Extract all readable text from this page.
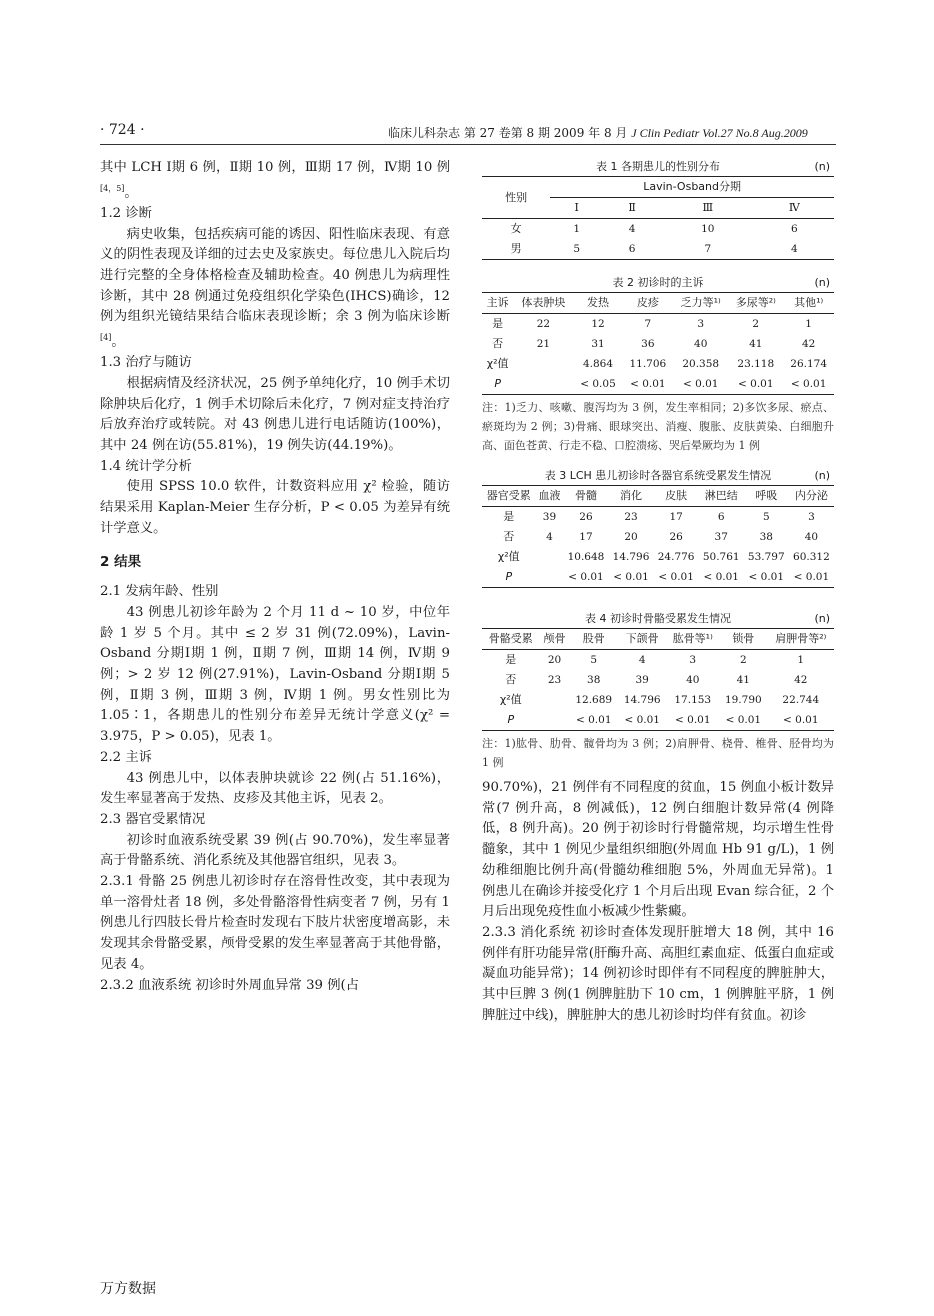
· 724 ·	临床儿科杂志 第 27 卷第 8 期 2009 年 8 月 J Clin Pediatr Vol.27 No.8 Aug.2009

其中 LCH Ⅰ期 6 例，Ⅱ期 10 例，Ⅲ期 17 例，Ⅳ期 10 例[4，5]。

1.2 诊断

病史收集，包括疾病可能的诱因、阳性临床表现、有意义的阴性表现及详细的过去史及家族史。每位患儿入院后均进行完整的全身体格检查及辅助检查。40 例患儿为病理性诊断，其中 28 例通过免疫组织化学染色(IHCS)确诊，12 例为组织光镜结果结合临床表现诊断；余 3 例为临床诊断[4]。

1.3 治疗与随访

根据病情及经济状况，25 例予单纯化疗，10 例手术切除肿块后化疗，1 例手术切除后未化疗，7 例对症支持治疗后放弃治疗或转院。对 43 例患儿进行电话随访(100%)，其中 24 例在访(55.81%)，19 例失访(44.19%)。

1.4 统计学分析

使用 SPSS 10.0 软件，计数资料应用 χ² 检验，随访结果采用 Kaplan-Meier 生存分析，P < 0.05 为差异有统计学意义。

2 结果

2.1 发病年龄、性别

43 例患儿初诊年龄为 2 个月 11 d ~ 10 岁，中位年龄 1 岁 5 个月。其中 ≤ 2 岁 31 例(72.09%)，Lavin-Osband 分期Ⅰ期 1 例，Ⅱ期 7 例，Ⅲ期 14 例，Ⅳ期 9 例；> 2 岁 12 例(27.91%)，Lavin-Osband 分期Ⅰ期 5 例，Ⅱ期 3 例，Ⅲ期 3 例，Ⅳ期 1 例。男女性别比为 1.05∶1，各期患儿的性别分布差异无统计学意义(χ² = 3.975，P > 0.05)，见表 1。

2.2 主诉

43 例患儿中，以体表肿块就诊 22 例(占 51.16%)，发生率显著高于发热、皮疹及其他主诉，见表 2。

2.3 器官受累情况

初诊时血液系统受累 39 例(占 90.70%)，发生率显著高于骨骼系统、消化系统及其他器官组织，见表 3。

2.3.1 骨骼 25 例患儿初诊时存在溶骨性改变，其中表现为单一溶骨灶者 18 例，多处骨骼溶骨性病变者 7 例，另有 1 例患儿行四肢长骨片检查时发现右下肢片状密度增高影，未发现其余骨骼受累，颅骨受累的发生率显著高于其他骨骼，见表 4。

2.3.2 血液系统 初诊时外周血异常 39 例(占

表 1 各期患儿的性别分布	(n)
性别	Lavin-Osband分期			
	Ⅰ	Ⅱ	Ⅲ	Ⅳ
女	1	4	10	6
男	5	6	7	4
表 2 初诊时的主诉	(n)
主诉	体表肿块	发热	皮疹	乏力等¹⁾	多尿等²⁾	其他¹⁾
是	22	12	7	3	2	1
否	21	31	36	40	41	42
χ²值		4.864	11.706	20.358	23.118	26.174
P		< 0.05	< 0.01	< 0.01	< 0.01	< 0.01

注：1)乏力、咳嗽、腹泻均为 3 例，发生率相同；2)多饮多尿、瘀点、瘀斑均为 2 例；3)骨痛、眼球突出、消瘦、腹胀、皮肤黄染、白细胞升高、面色苍黄、行走不稳、口腔溃疡、哭后晕厥均为 1 例

表 3 LCH 患儿初诊时各器官系统受累发生情况	(n)
器官受累	血液	骨髓	消化	皮肤	淋巴结	呼吸	内分泌
是	39	26	23	17	6	5	3
否	4	17	20	26	37	38	40
χ²值		10.648	14.796	24.776	50.761	53.797	60.312
P		< 0.01	< 0.01	< 0.01	< 0.01	< 0.01	< 0.01
表 4 初诊时骨骼受累发生情况	(n)
骨骼受累	颅骨	股骨	下颌骨	肱骨等¹⁾	锁骨	肩胛骨等²⁾
是	20	5	4	3	2	1
否	23	38	39	40	41	42
χ²值		12.689	14.796	17.153	19.790	22.744
P		< 0.01	< 0.01	< 0.01	< 0.01	< 0.01

注：1)肱骨、肋骨、髋骨均为 3 例；2)肩胛骨、桡骨、椎骨、胫骨均为 1 例

90.70%)，21 例伴有不同程度的贫血，15 例血小板计数异常(7 例升高，8 例减低)，12 例白细胞计数异常(4 例降低，8 例升高)。20 例于初诊时行骨髓常规，均示增生性骨髓象，其中 1 例见少量组织细胞(外周血 Hb 91 g/L)，1 例幼稚细胞比例升高(骨髓幼稚细胞 5%，外周血无异常)。1 例患儿在确诊并接受化疗 1 个月后出现 Evan 综合征，2 个月后出现免疫性血小板减少性紫癜。

2.3.3 消化系统 初诊时查体发现肝脏增大 18 例，其中 16 例伴有肝功能异常(肝酶升高、高胆红素血症、低蛋白血症或凝血功能异常)；14 例初诊时即伴有不同程度的脾脏肿大，其中巨脾 3 例(1 例脾脏肋下 10 cm，1 例脾脏平脐，1 例脾脏过中线)，脾脏肿大的患儿初诊时均伴有贫血。初诊

万方数据
